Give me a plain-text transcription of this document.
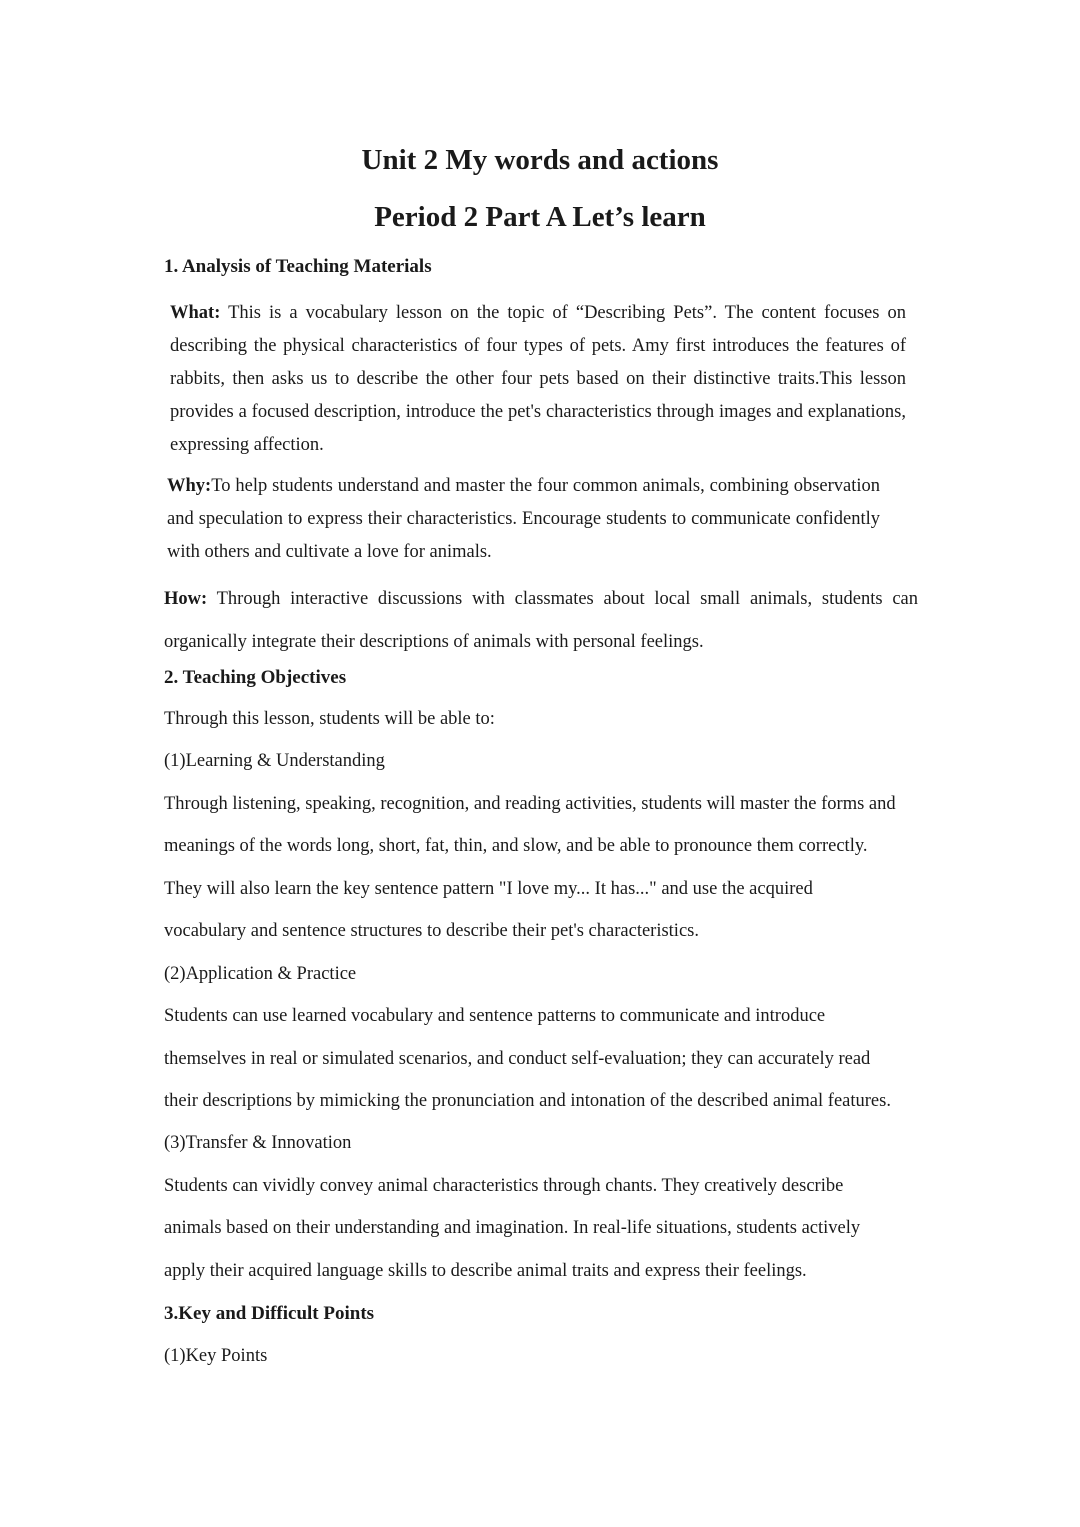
Unit 2 My words and actions
Period 2 Part A Let’s learn
1. Analysis of Teaching Materials

What: This is a vocabulary lesson on the topic of “Describing Pets”. The content focuses on describing the physical characteristics of four types of pets. Amy first introduces the features of rabbits, then asks us to describe the other four pets based on their distinctive traits.This lesson provides a focused description, introduce the pet's characteristics through images and explanations, expressing affection.

Why:To help students understand and master the four common animals, combining observation and speculation to express their characteristics. Encourage students to communicate confidently with others and cultivate a love for animals.

How: Through interactive discussions with classmates about local small animals, students can organically integrate their descriptions of animals with personal feelings.

2. Teaching Objectives

Through this lesson, students will be able to:

(1)Learning & Understanding

Through listening, speaking, recognition, and reading activities, students will master the forms and

meanings of the words long, short, fat, thin, and slow, and be able to pronounce them correctly.

They will also learn the key sentence pattern "I love my... It has..." and use the acquired

vocabulary and sentence structures to describe their pet's characteristics.

(2)Application & Practice

Students can use learned vocabulary and sentence patterns to communicate and introduce

themselves in real or simulated scenarios, and conduct self-evaluation; they can accurately read

their descriptions by mimicking the pronunciation and intonation of the described animal features.

(3)Transfer & Innovation

Students can vividly convey animal characteristics through chants. They creatively describe

animals based on their understanding and imagination. In real-life situations, students actively

apply their acquired language skills to describe animal traits and express their feelings.

3.Key and Difficult Points

(1)Key Points
